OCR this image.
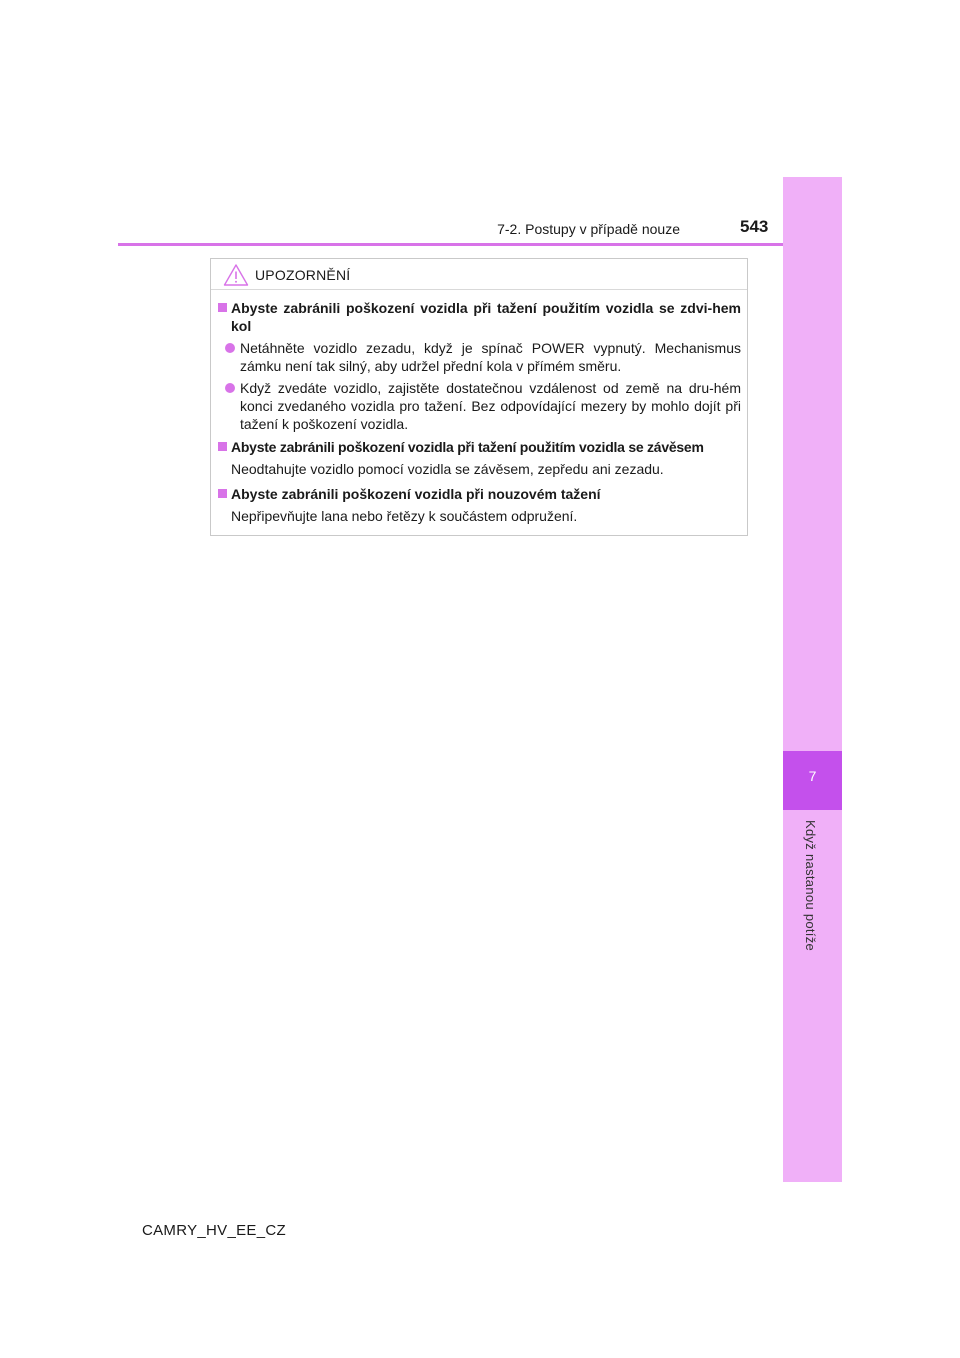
7-2. Postupy v případě nouze	543
7
Když nastanou potíže
UPOZORNĚNÍ
Abyste zabránili poškození vozidla při tažení použitím vozidla se zdvi-hem kol
Netáhněte vozidlo zezadu, když je spínač POWER vypnutý. Mechanismus zámku není tak silný, aby udržel přední kola v přímém směru.
Když zvedáte vozidlo, zajistěte dostatečnou vzdálenost od země na dru-hém konci zvedaného vozidla pro tažení. Bez odpovídající mezery by mohlo dojít při tažení k poškození vozidla.
Abyste zabránili poškození vozidla při tažení použitím vozidla se závěsem
Neodtahujte vozidlo pomocí vozidla se závěsem, zepředu ani zezadu.
Abyste zabránili poškození vozidla při nouzovém tažení
Nepřipevňujte lana nebo řetězy k součástem odpružení.
CAMRY_HV_EE_CZ
